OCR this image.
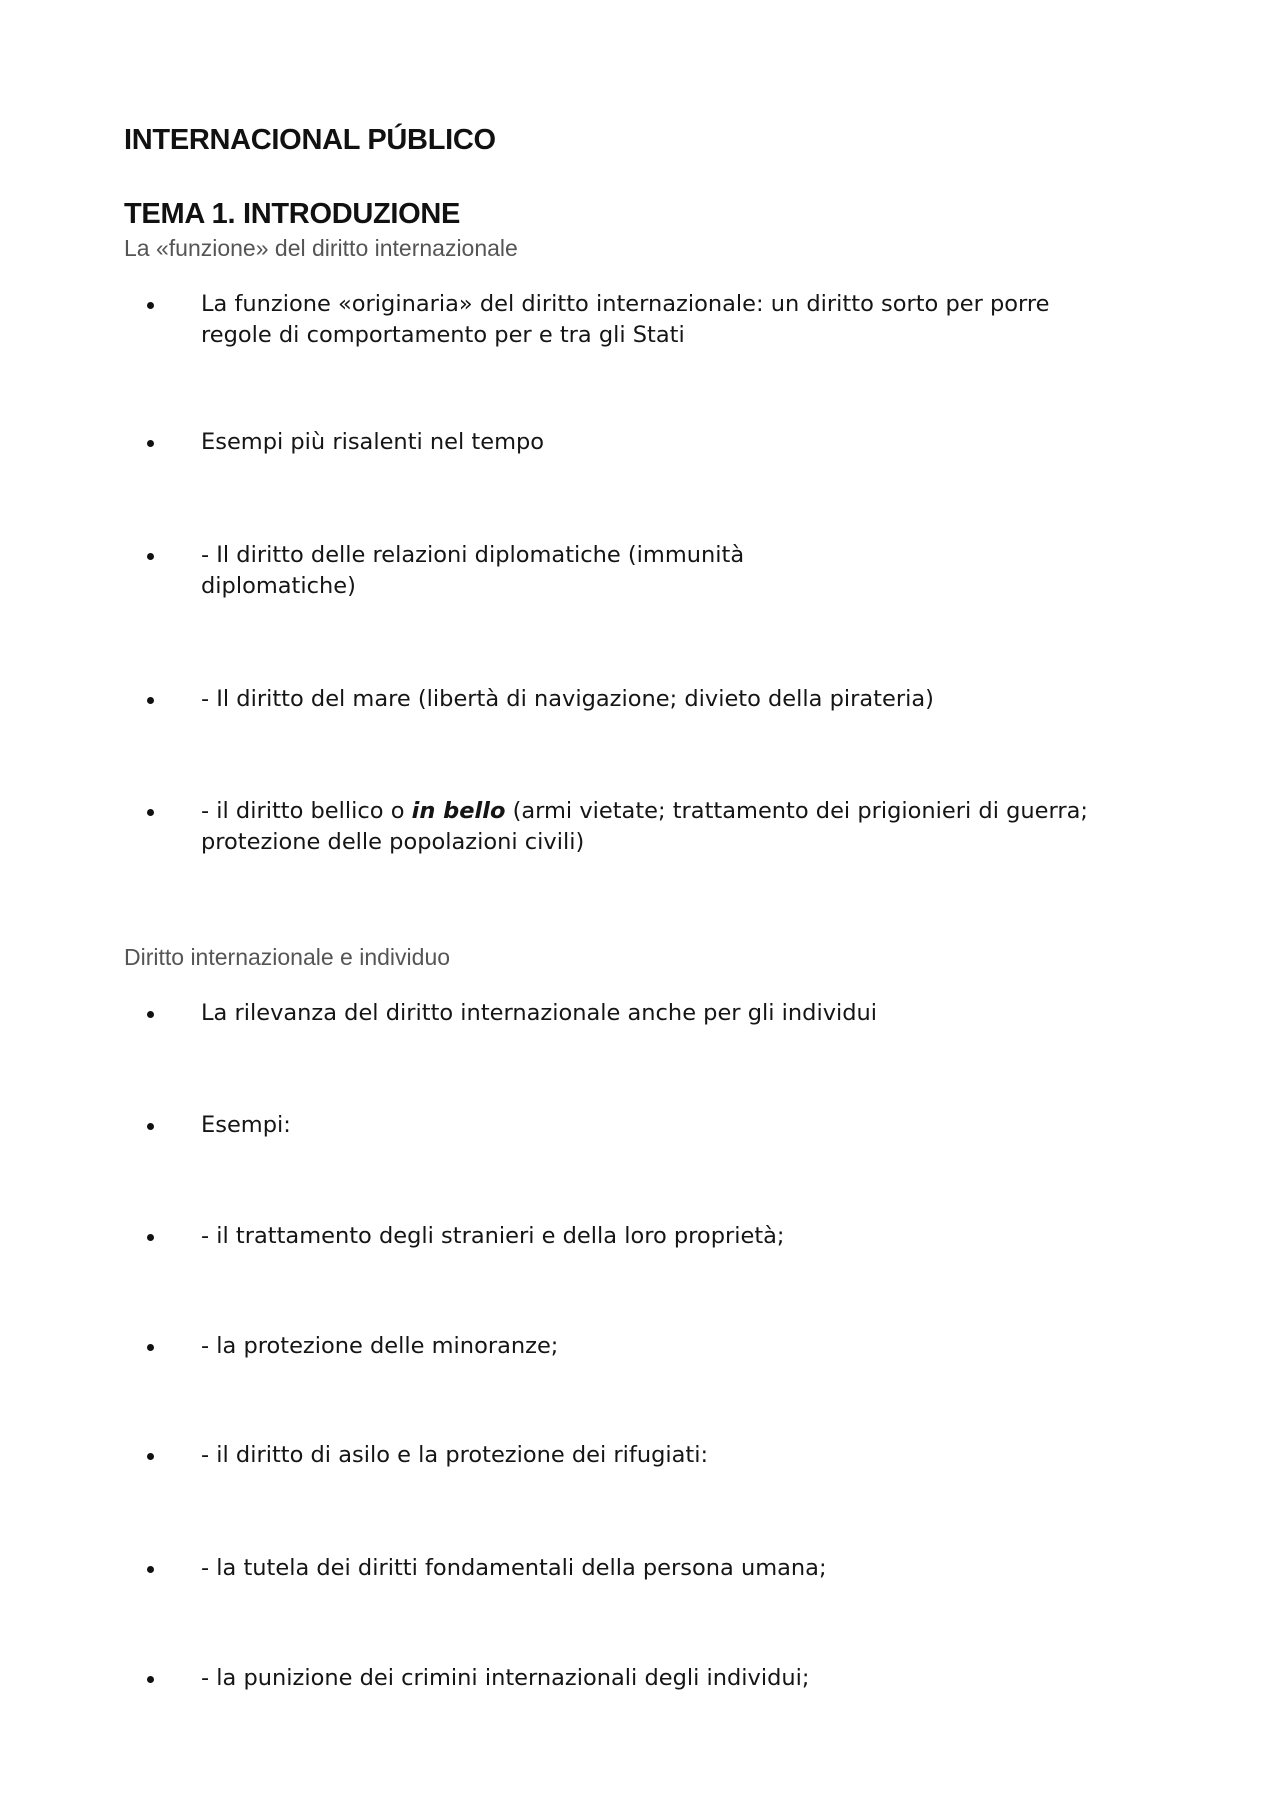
INTERNACIONAL PÚBLICO
TEMA 1. INTRODUZIONE
La «funzione» del diritto internazionale
La funzione «originaria» del diritto internazionale: un diritto sorto per porre regole di comportamento per e tra gli Stati
Esempi più risalenti nel tempo
- Il diritto delle relazioni diplomatiche (immunità diplomatiche)
- Il diritto del mare (libertà di navigazione; divieto della pirateria)
- il diritto bellico o in bello (armi vietate; trattamento dei prigionieri di guerra; protezione delle popolazioni civili)
Diritto internazionale e individuo
La rilevanza del diritto internazionale anche per gli individui
Esempi:
- il trattamento degli stranieri e della loro proprietà;
- la protezione delle minoranze;
- il diritto di asilo e la protezione dei rifugiati:
- la tutela dei diritti fondamentali della persona umana;
- la punizione dei crimini internazionali degli individui;
